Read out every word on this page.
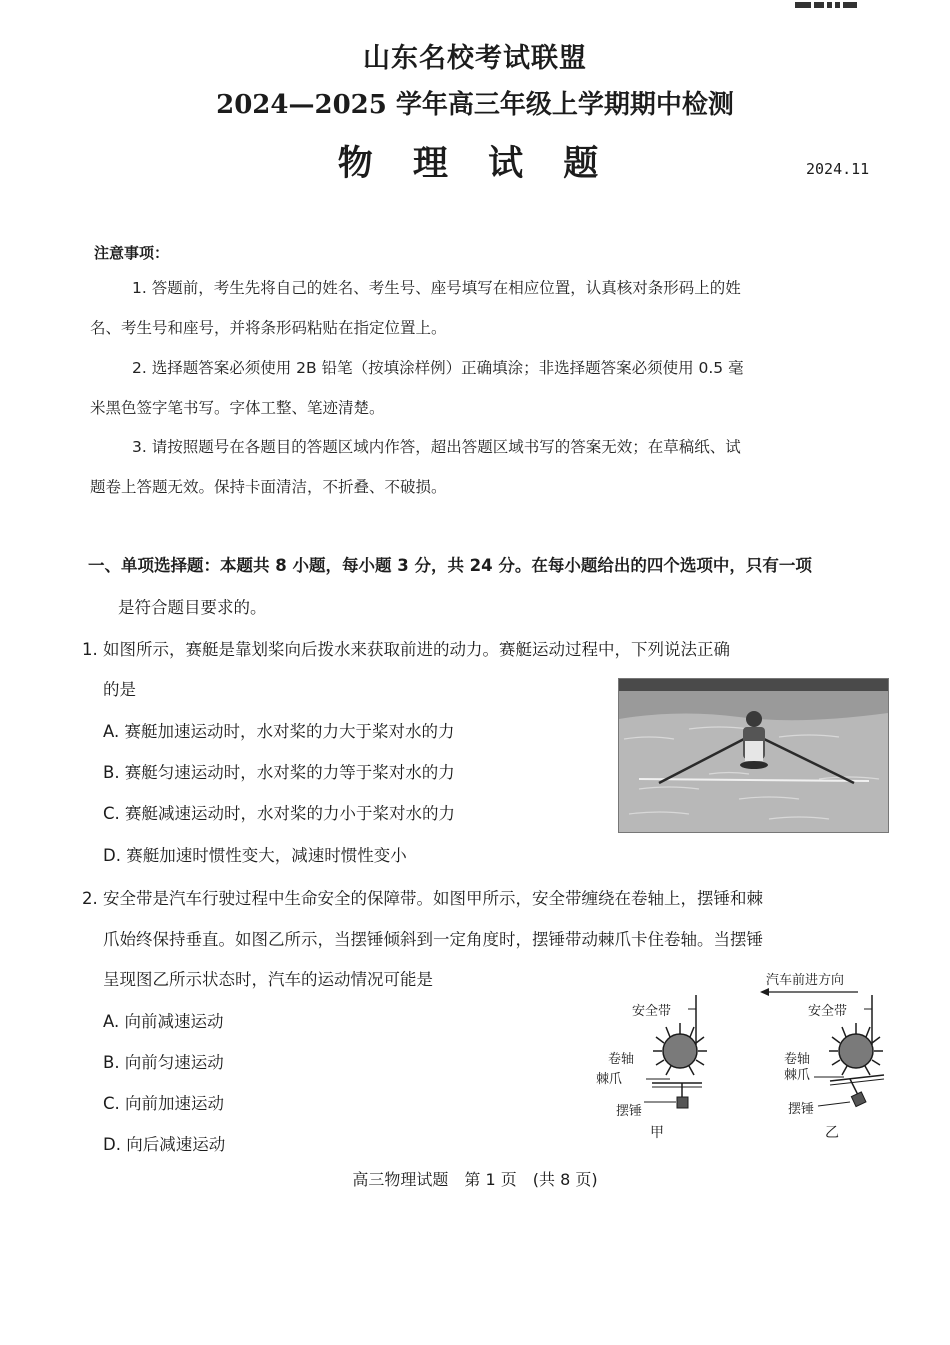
山东名校考试联盟
2024—2025 学年高三年级上学期期中检测
物 理 试 题	2024.11
注意事项：
1. 答题前，考生先将自己的姓名、考生号、座号填写在相应位置，认真核对条形码上的姓
名、考生号和座号，并将条形码粘贴在指定位置上。
2. 选择题答案必须使用 2B 铅笔（按填涂样例）正确填涂；非选择题答案必须使用 0.5 毫
米黑色签字笔书写。字体工整、笔迹清楚。
3. 请按照题号在各题目的答题区域内作答，超出答题区域书写的答案无效；在草稿纸、试
题卷上答题无效。保持卡面清洁，不折叠、不破损。
一、单项选择题：本题共 8 小题，每小题 3 分，共 24 分。在每小题给出的四个选项中，只有一项
是符合题目要求的。
1. 如图所示，赛艇是靠划桨向后拨水来获取前进的动力。赛艇运动过程中，下列说法正确
的是
A. 赛艇加速运动时，水对桨的力大于桨对水的力
B. 赛艇匀速运动时，水对桨的力等于桨对水的力
C. 赛艇减速运动时，水对桨的力小于桨对水的力
D. 赛艇加速时惯性变大，减速时惯性变小
2. 安全带是汽车行驶过程中生命安全的保障带。如图甲所示，安全带缠绕在卷轴上，摆锤和棘
爪始终保持垂直。如图乙所示，当摆锤倾斜到一定角度时，摆锤带动棘爪卡住卷轴。当摆锤
呈现图乙所示状态时，汽车的运动情况可能是
A. 向前减速运动
B. 向前匀速运动
C. 向前加速运动
D. 向后减速运动
汽车前进方向
安全带
卷轴
棘爪
摆锤
甲
安全带
卷轴
棘爪
摆锤
乙
高三物理试题　第 1 页　(共 8 页)
